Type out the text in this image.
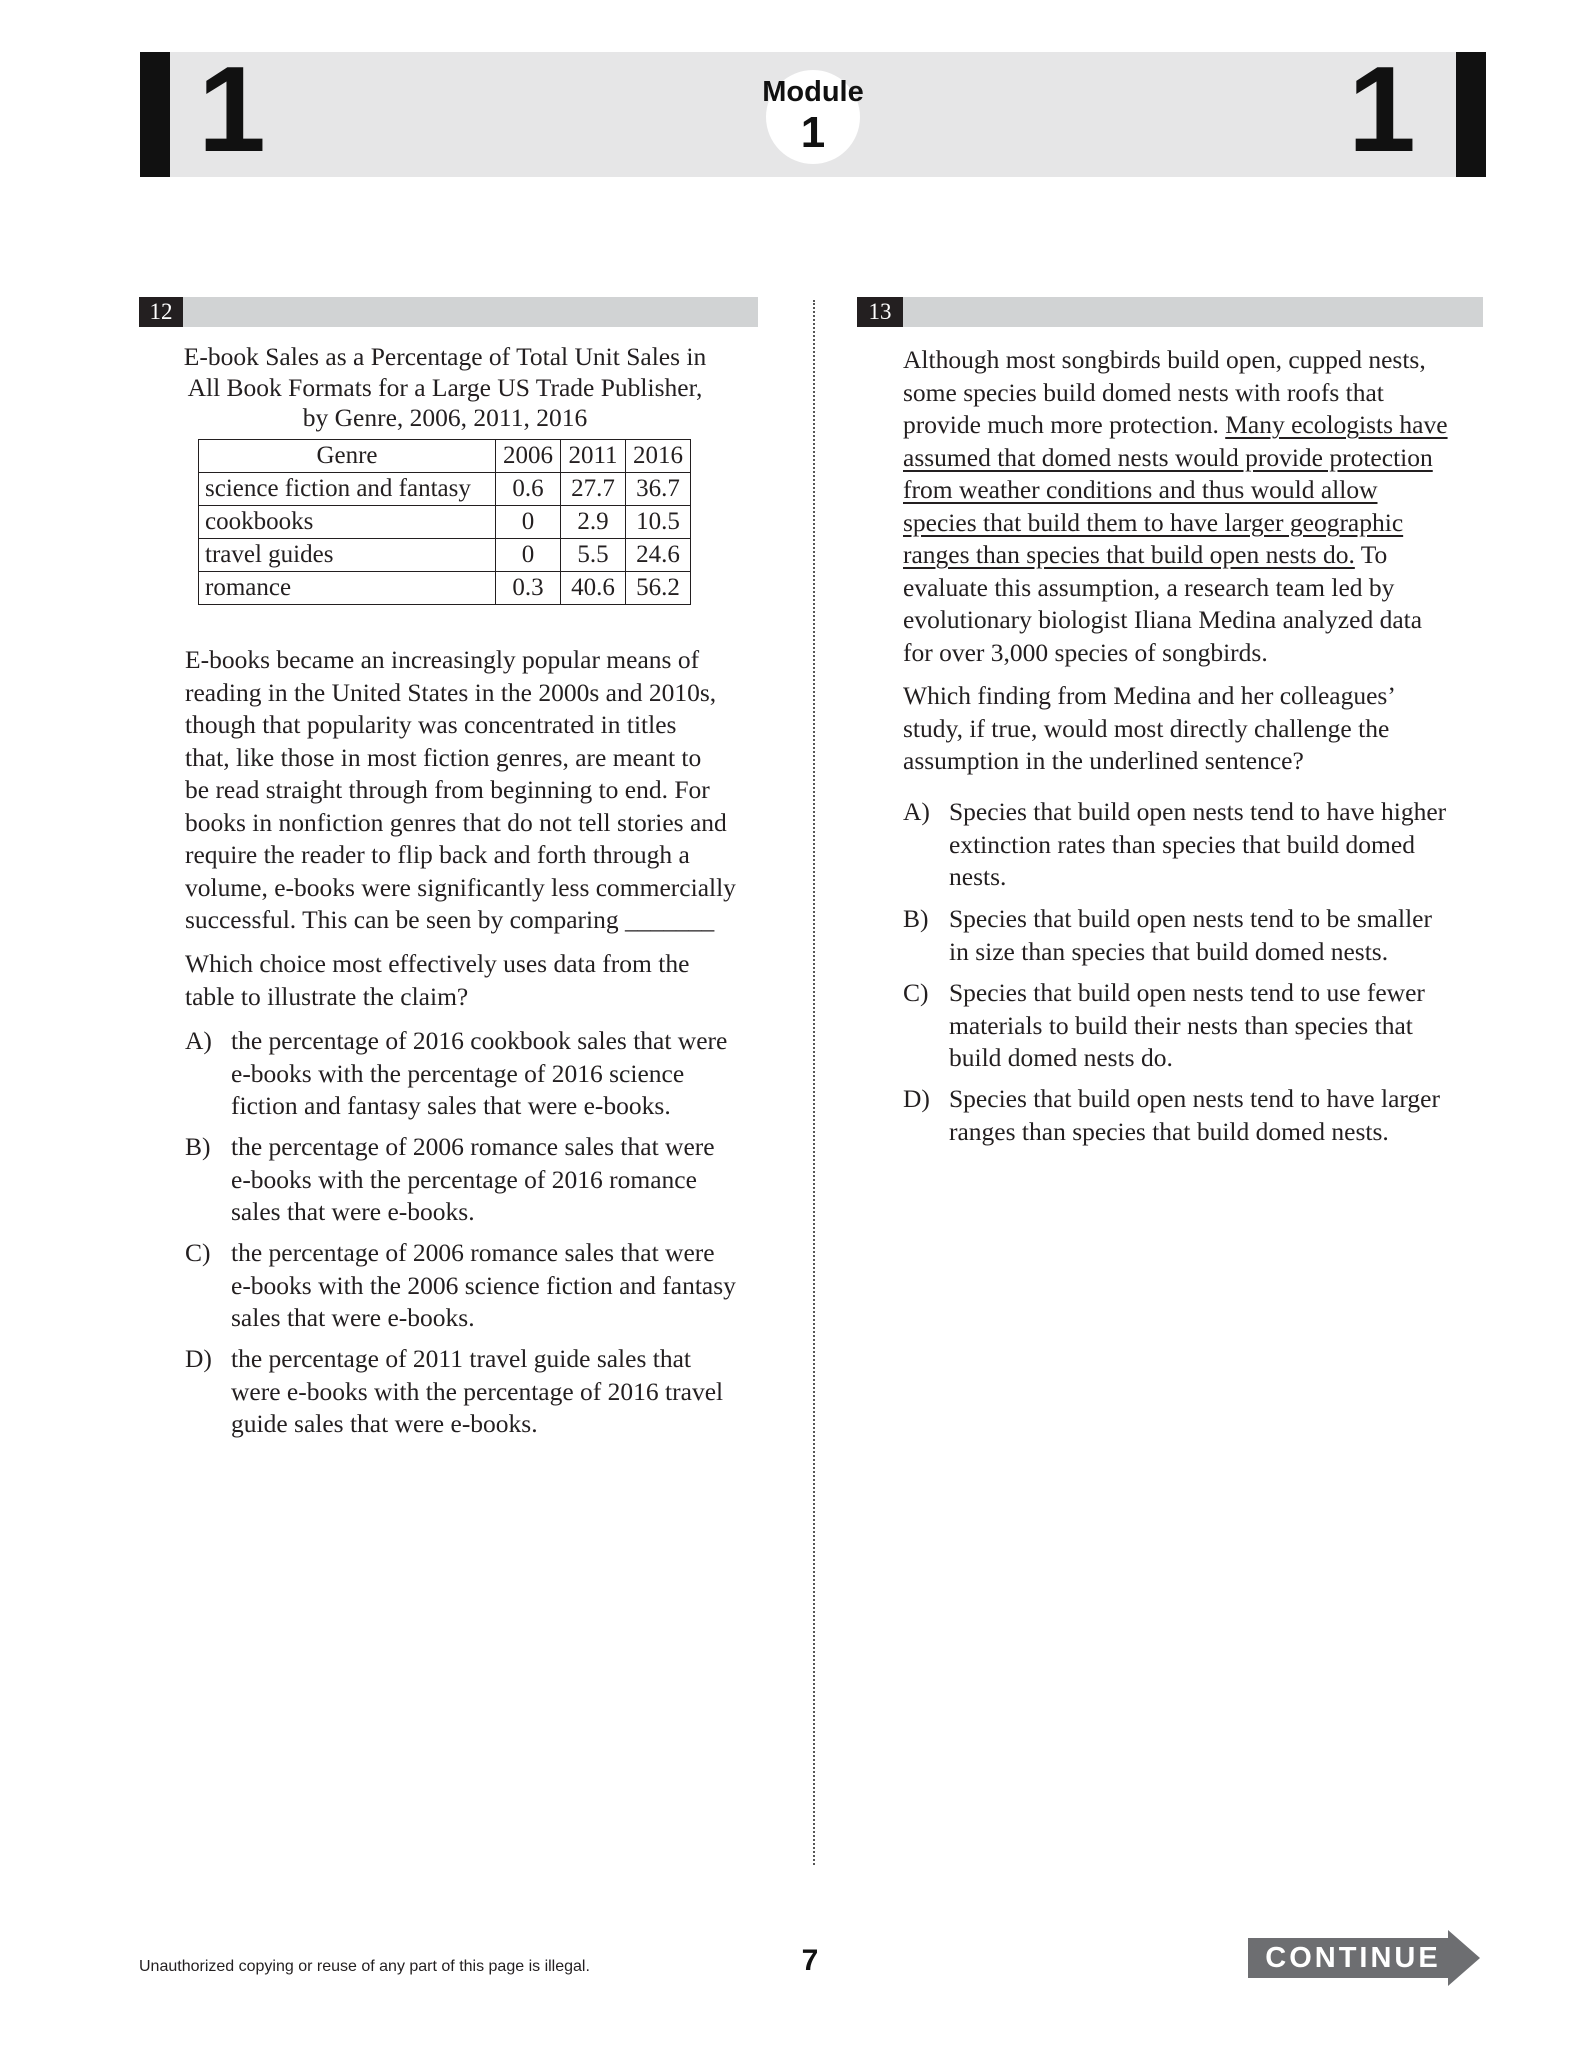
1	1
Module
1
12
E-book Sales as a Percentage of Total Unit Sales in
All Book Formats for a Large US Trade Publisher,
by Genre, 2006, 2011, 2016
Genre	2006	2011	2016
science fiction and fantasy	0.6	27.7	36.7
cookbooks	0	2.9	10.5
travel guides	0	5.5	24.6
romance	0.3	40.6	56.2
E-books became an increasingly popular means of
reading in the United States in the 2000s and 2010s,
though that popularity was concentrated in titles
that, like those in most fiction genres, are meant to
be read straight through from beginning to end. For
books in nonfiction genres that do not tell stories and
require the reader to flip back and forth through a
volume, e-books were significantly less commercially
successful. This can be seen by comparing _______
Which choice most effectively uses data from the
table to illustrate the claim?
A) the percentage of 2016 cookbook sales that were
e-books with the percentage of 2016 science
fiction and fantasy sales that were e-books.
B) the percentage of 2006 romance sales that were
e-books with the percentage of 2016 romance
sales that were e-books.
C) the percentage of 2006 romance sales that were
e-books with the 2006 science fiction and fantasy
sales that were e-books.
D) the percentage of 2011 travel guide sales that
were e-books with the percentage of 2016 travel
guide sales that were e-books.
13
Although most songbirds build open, cupped nests,
some species build domed nests with roofs that
provide much more protection. Many ecologists have
assumed that domed nests would provide protection
from weather conditions and thus would allow
species that build them to have larger geographic
ranges than species that build open nests do. To
evaluate this assumption, a research team led by
evolutionary biologist Iliana Medina analyzed data
for over 3,000 species of songbirds.
Which finding from Medina and her colleagues’
study, if true, would most directly challenge the
assumption in the underlined sentence?
A) Species that build open nests tend to have higher
extinction rates than species that build domed
nests.
B) Species that build open nests tend to be smaller
in size than species that build domed nests.
C) Species that build open nests tend to use fewer
materials to build their nests than species that
build domed nests do.
D) Species that build open nests tend to have larger
ranges than species that build domed nests.
Unauthorized copying or reuse of any part of this page is illegal.	7	CONTINUE
